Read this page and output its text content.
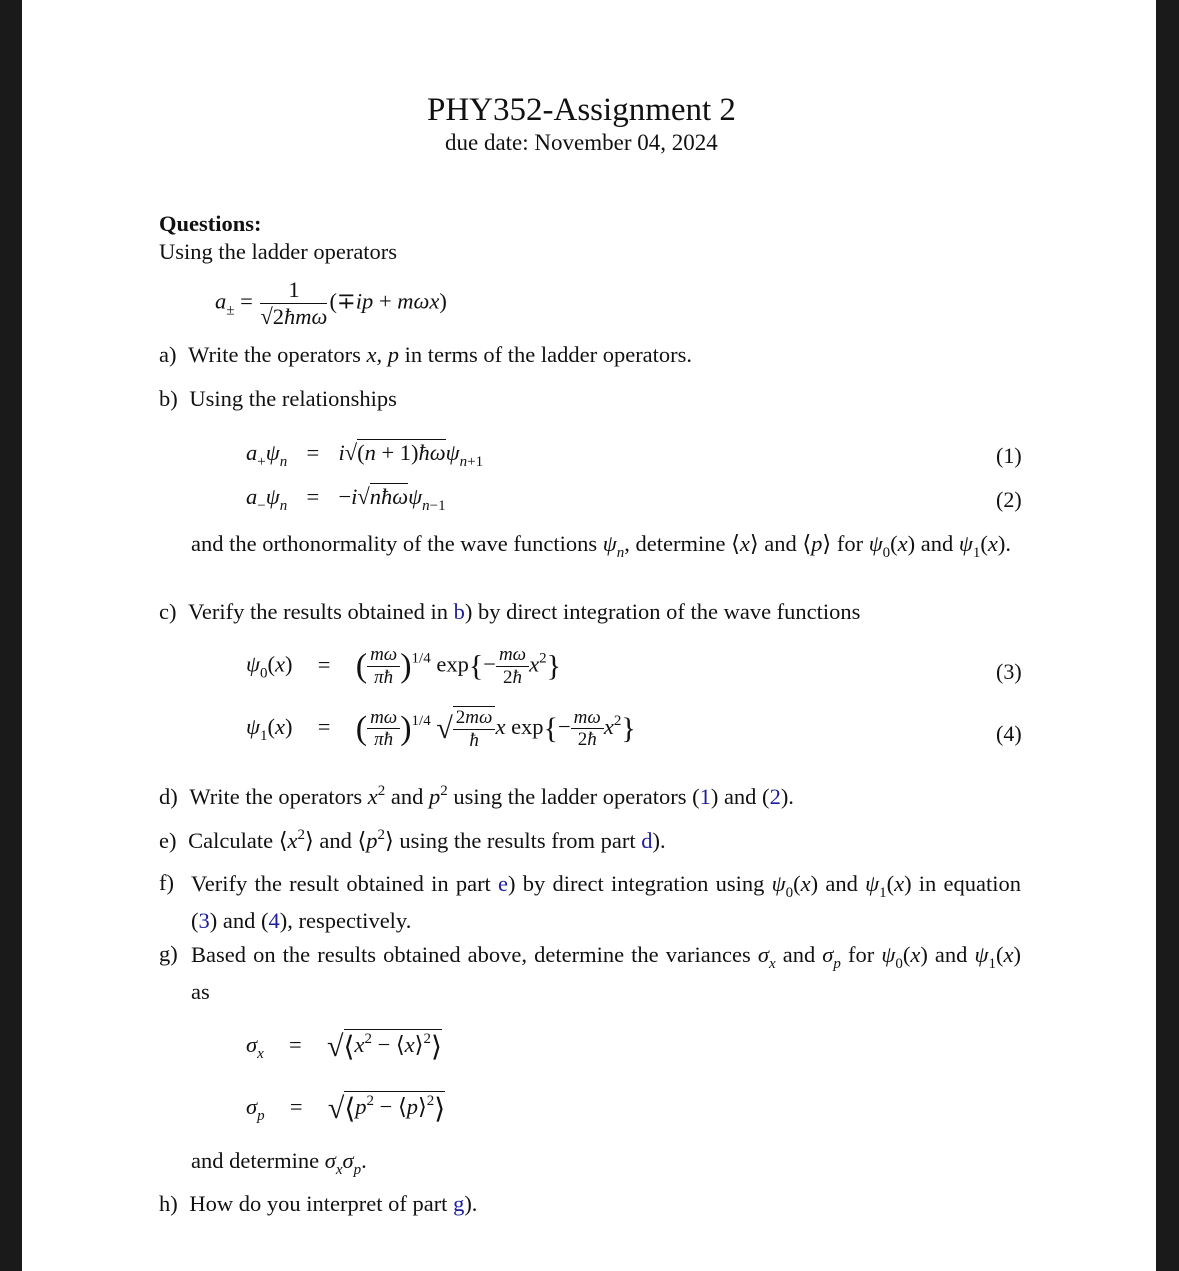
PHY352-Assignment 2
due date: November 04, 2024
Questions:
Using the ladder operators
$a_\pm = \frac{1}{\text{√2ħmω}} (\mp ip + m\omega x)$
a) Write the operators x, p in terms of the ladder operators.
b) Using the relationships
$a_+\psi_n = i√(n$ + 1)ħωψ$_{n+1}$	(1)
$a_-\psi_n$ = −i√nħωψ$_{n-1}$	(2)
and the orthonormality of the wave functions $\psi_n$, determine ⟨x⟩ and ⟨p⟩ for $\psi_0(x)$ and $\psi_1(x)$.
c) Verify the results obtained in b) by direct integration of the wave functions
$\psi_0(x)$ = ( $\frac{m\omega}{\pi ħ} )^{1/4}$ $\exp\{- \frac{m\omega}{2ħ} x^2\}$	(3)
$\psi_1(x)$ = ( $\frac{m\omega}{\pi ħ} )^{1/4}$ √ $\frac{2m\omega}{ħ}$ x $\exp\{- \frac{m\omega}{2ħ} x^2\}$	(4)
d) Write the operators $x^2$ and $p^2$ using the ladder operators (1) and (2).
e) Calculate $⟨x^2⟩$ and $⟨p^2⟩$ using the results from part d).
f) Verify the result obtained in part e) by direct integration using $\psi_0(x)$ and $\psi_1(x)$ in equation (3) and (4), respectively.
g) Based on the results obtained above, determine the variances $\sigma_x$ and $\sigma_p$ for $\psi_0(x)$ and $\psi_1(x)$ as
$\sigma_x$ = $√⟨x^2$ − ⟨x⟩$^2$⟩
$\sigma_p$ = $√⟨p^2$ − ⟨p⟩$^2$⟩
and determine $\sigma_x\sigma_p$.
h) How do you interpret of part g).
